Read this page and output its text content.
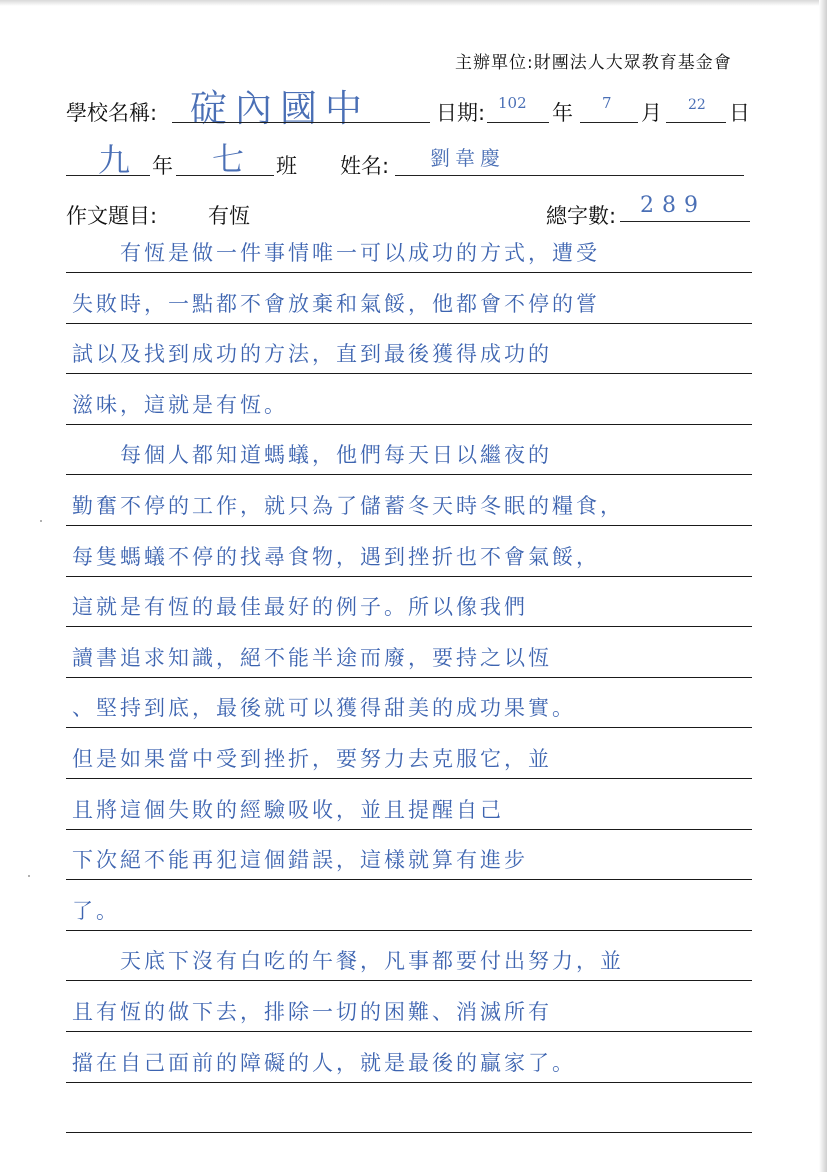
主辦單位:財團法人大眾教育基金會
學校名稱: 碇內國中	日期: 102 年 7 月 22 日
九 年 七 班 姓名: 劉韋慶
作文題目: 有恆	總字數: 289
　　有恆是做一件事情唯一可以成功的方式，遭受
失敗時，一點都不會放棄和氣餒，他都會不停的嘗
試以及找到成功的方法，直到最後獲得成功的
滋味，這就是有恆。
　　每個人都知道螞蟻，他們每天日以繼夜的
勤奮不停的工作，就只為了儲蓄冬天時冬眠的糧食，
每隻螞蟻不停的找尋食物，遇到挫折也不會氣餒，
這就是有恆的最佳最好的例子。所以像我們
讀書追求知識，絕不能半途而廢，要持之以恆
、堅持到底，最後就可以獲得甜美的成功果實。
但是如果當中受到挫折，要努力去克服它，並
且將這個失敗的經驗吸收，並且提醒自己
下次絕不能再犯這個錯誤，這樣就算有進步
了。
　　天底下沒有白吃的午餐，凡事都要付出努力，並
且有恆的做下去，排除一切的困難、消滅所有
擋在自己面前的障礙的人，就是最後的贏家了。
